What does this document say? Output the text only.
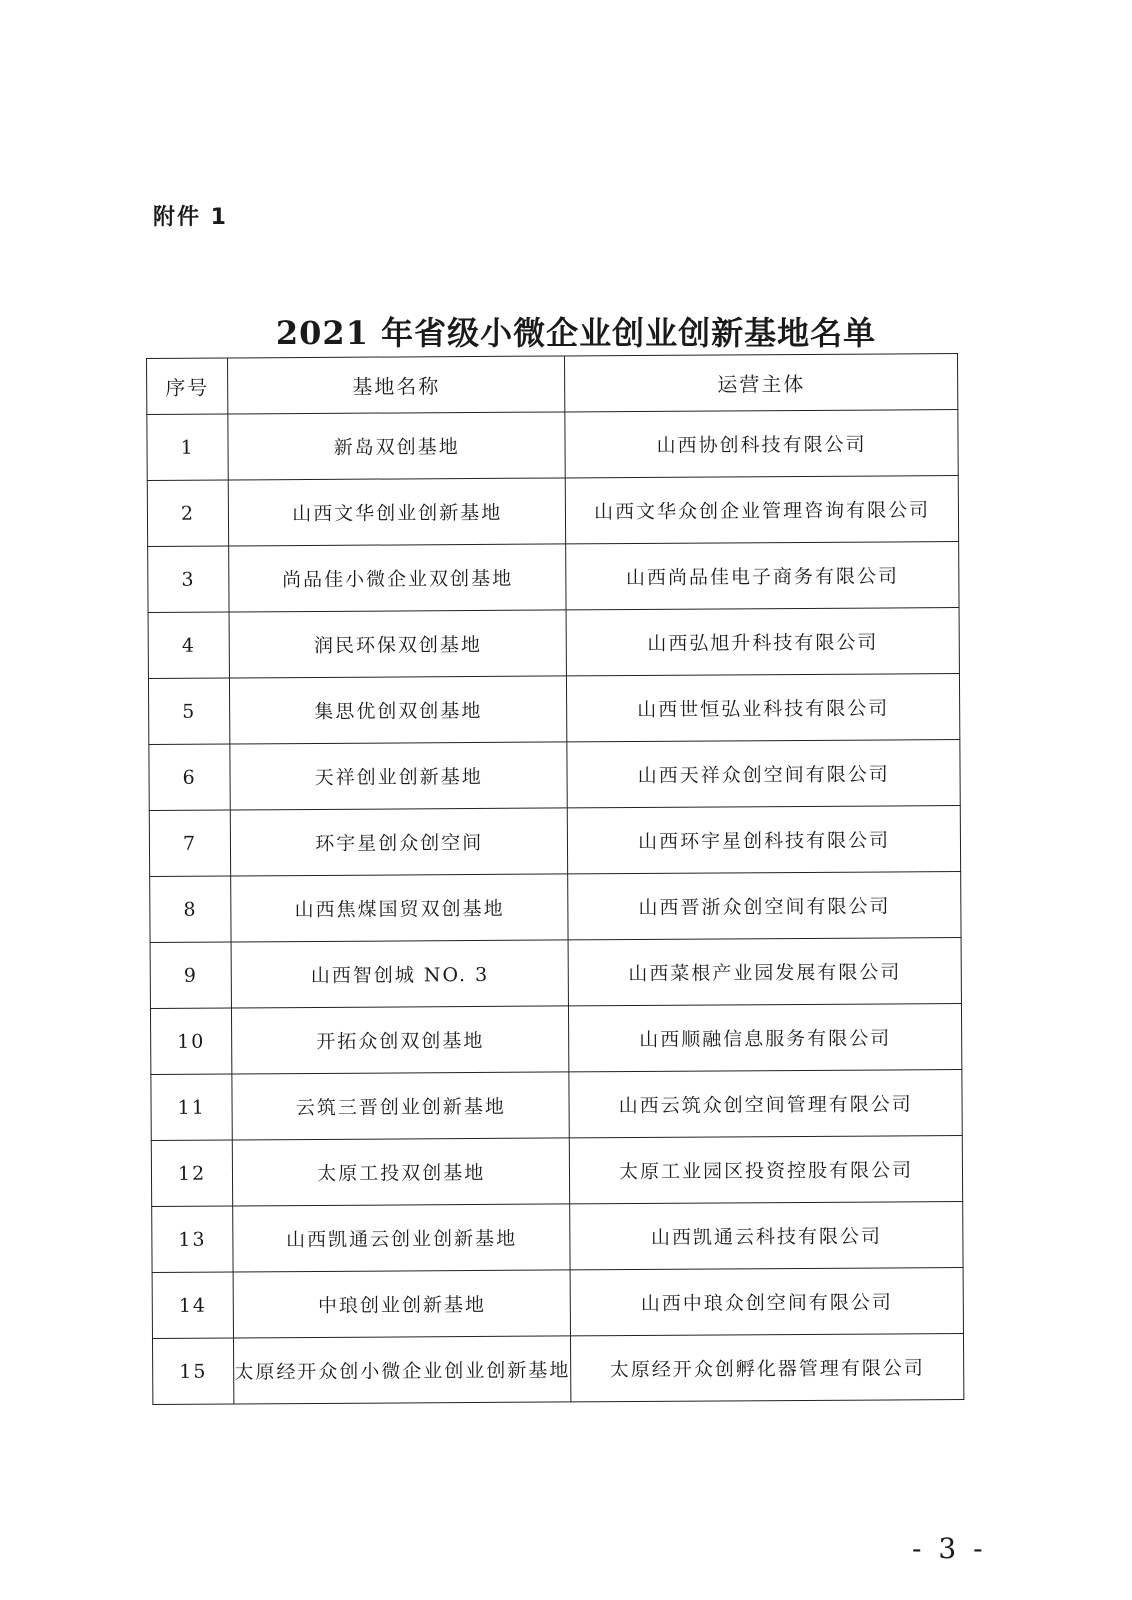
附件 1
2021 年省级小微企业创业创新基地名单
序号	基地名称	运营主体
1	新岛双创基地	山西协创科技有限公司
2	山西文华创业创新基地	山西文华众创企业管理咨询有限公司
3	尚品佳小微企业双创基地	山西尚品佳电子商务有限公司
4	润民环保双创基地	山西弘旭升科技有限公司
5	集思优创双创基地	山西世恒弘业科技有限公司
6	天祥创业创新基地	山西天祥众创空间有限公司
7	环宇星创众创空间	山西环宇星创科技有限公司
8	山西焦煤国贸双创基地	山西晋浙众创空间有限公司
9	山西智创城 NO. 3	山西菜根产业园发展有限公司
10	开拓众创双创基地	山西顺融信息服务有限公司
11	云筑三晋创业创新基地	山西云筑众创空间管理有限公司
12	太原工投双创基地	太原工业园区投资控股有限公司
13	山西凯通云创业创新基地	山西凯通云科技有限公司
14	中琅创业创新基地	山西中琅众创空间有限公司
15	太原经开众创小微企业创业创新基地	太原经开众创孵化器管理有限公司
- 3 -
